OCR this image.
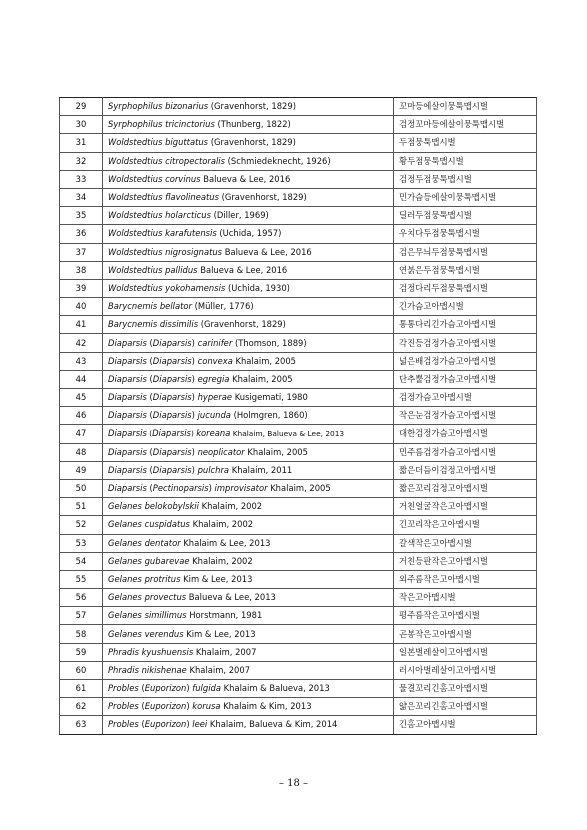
29	Syrphophilus bizonarius (Gravenhorst, 1829)	꼬마등에살이뭉툭맵시벌
30	Syrphophilus tricinctorius (Thunberg, 1822)	검정꼬마등에살이뭉툭맵시벌
31	Woldstedtius biguttatus (Gravenhorst, 1829)	두점뭉툭맵시벌
32	Woldstedtius citropectoralis (Schmiedeknecht, 1926)	황두점뭉툭맵시벌
33	Woldstedtius corvinus Balueva & Lee, 2016	검정두점뭉툭맵시벌
34	Woldstedtius flavolineatus (Gravenhorst, 1829)	민가슴등에살이뭉툭맵시벌
35	Woldstedtius holarcticus (Diller, 1969)	딜러두점뭉툭맵시벌
36	Woldstedtius karafutensis (Uchida, 1957)	우치다두점뭉툭맵시벌
37	Woldstedtius nigrosignatus Balueva & Lee, 2016	검은무늬두점뭉툭맵시벌
38	Woldstedtius pallidus Balueva & Lee, 2016	연붉은두점뭉툭맵시벌
39	Woldstedtius yokohamensis (Uchida, 1930)	검정다리두점뭉툭맵시벌
40	Barycnemis bellator (Müller, 1776)	긴가슴고아맵시벌
41	Barycnemis dissimilis (Gravenhorst, 1829)	통통다리긴가슴고아맵시벌
42	Diaparsis (Diaparsis) carinifer (Thomson, 1889)	각진등검정가슴고아맵시벌
43	Diaparsis (Diaparsis) convexa Khalaim, 2005	넓은배검정가슴고아맵시벌
44	Diaparsis (Diaparsis) egregia Khalaim, 2005	단추뿔검정가슴고아맵시벌
45	Diaparsis (Diaparsis) hyperae Kusigemati, 1980	검정가슴고아맵시벌
46	Diaparsis (Diaparsis) jucunda (Holmgren, 1860)	작은눈검정가슴고아맵시벌
47	Diaparsis (Diaparsis) koreana Khalaim, Balueva & Lee, 2013	대한검정가슴고아맵시벌
48	Diaparsis (Diaparsis) neoplicator Khalaim, 2005	민주름검정가슴고아맵시벌
49	Diaparsis (Diaparsis) pulchra Khalaim, 2011	짧은더듬이검정고아맵시벌
50	Diaparsis (Pectinoparsis) improvisator Khalaim, 2005	짧은꼬리검정고아맵시벌
51	Gelanes belokobylskii Khalaim, 2002	거친얼굴작은고아맵시벌
52	Gelanes cuspidatus Khalaim, 2002	긴꼬리작은고아맵시벌
53	Gelanes dentator Khalaim & Lee, 2013	갈색작은고아맵시벌
54	Gelanes gubarevae Khalaim, 2002	거친등판작은고아맵시벌
55	Gelanes protritus Kim & Lee, 2013	외주름작은고아맵시벌
56	Gelanes provectus Balueva & Lee, 2013	작은고아맵시벌
57	Gelanes simillimus Horstmann, 1981	평주름작은고아맵시벌
58	Gelanes verendus Kim & Lee, 2013	곤봉작은고아맵시벌
59	Phradis kyushuensis Khalaim, 2007	일본벌레살이고아맵시벌
60	Phradis nikishenae Khalaim, 2007	러시아벌레살이고아맵시벌
61	Probles (Euporizon) fulgida Khalaim & Balueva, 2013	물결꼬리긴홈고아맵시벌
62	Probles (Euporizon) korusa Khalaim & Kim, 2013	얇은꼬리긴홈고아맵시벌
63	Probles (Euporizon) leei Khalaim, Balueva & Kim, 2014	긴홈고아맵시벌
– 18 –
